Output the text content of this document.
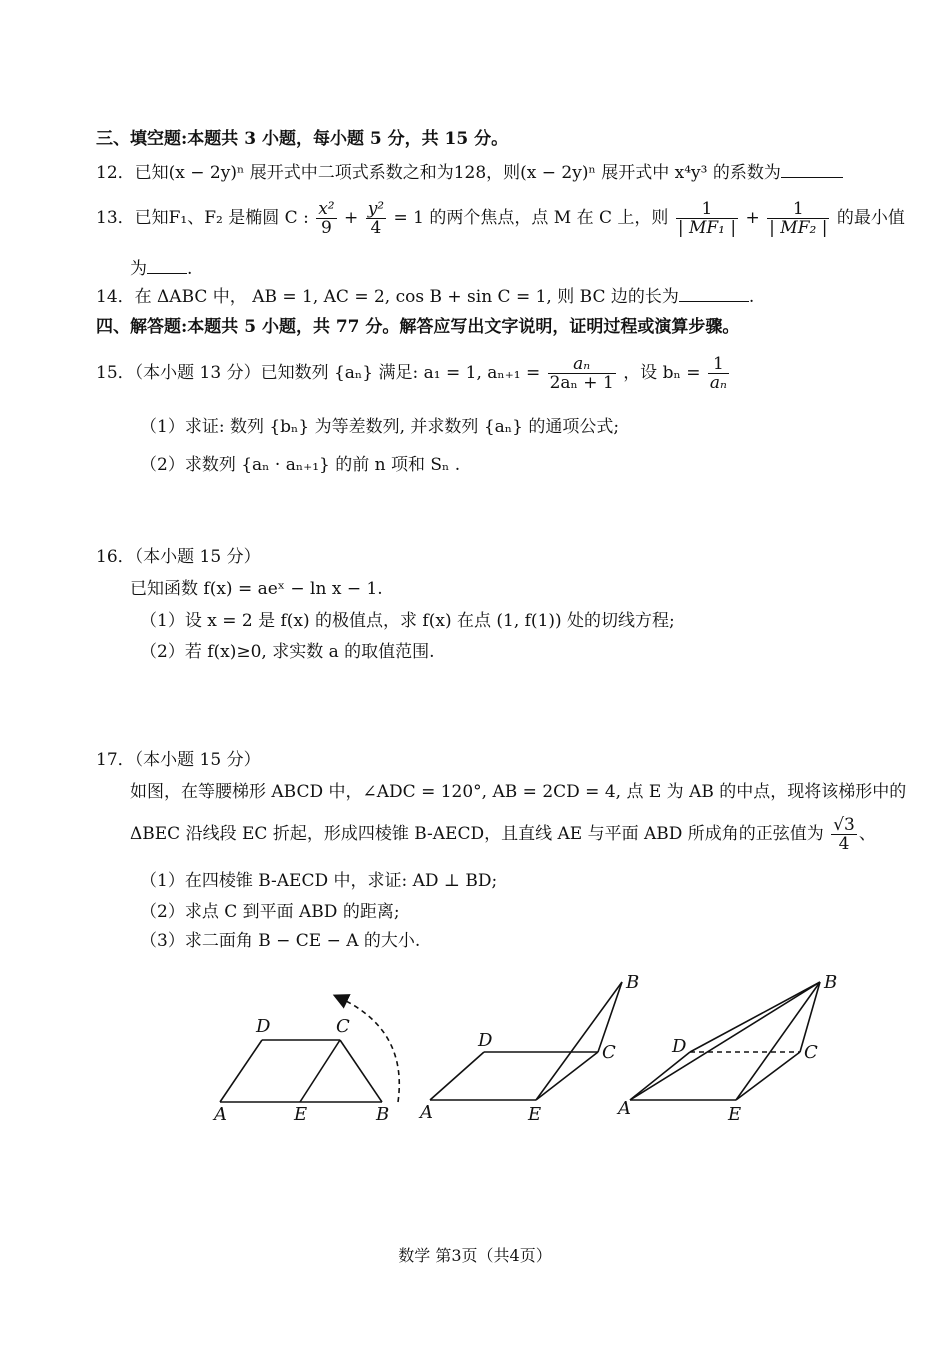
三、填空题:本题共 3 小题，每小题 5 分，共 15 分。
12．已知(x − 2y)ⁿ 展开式中二项式系数之和为128，则(x − 2y)ⁿ 展开式中 x⁴y³ 的系数为
13．已知F₁、F₂ 是椭圆 C : $\frac{\text{x²}}{9} + \frac{\text{y²}}{4} = 1$ 的两个焦点，点 M 在 C 上，则 $\frac{1}{\text{| MF₁ |}} + \frac{1}{\text{| MF₂ |}}$ 的最小值
为 .
14．在 ΔABC 中， AB = 1, AC = 2, cos B + sin C = 1, 则 BC 边的长为	.
四、解答题:本题共 5 小题，共 77 分。解答应写出文字说明，证明过程或演算步骤。
15．（本小题 13 分）已知数列 {aₙ} 满足: a₁ = 1, $a_{n+1} = \frac{\text{aₙ}}{\text{2aₙ + 1}}$ ，设 $b_n = \frac{1}{\text{aₙ}}$
（1）求证: 数列 {bₙ} 为等差数列, 并求数列 {aₙ} 的通项公式;
（2）求数列 {aₙ · aₙ₊₁} 的前 n 项和 Sₙ .
16．（本小题 15 分）
已知函数 f(x) = aeˣ − ln x − 1.
（1）设 x = 2 是 f(x) 的极值点，求 f(x) 在点 (1, f(1)) 处的切线方程;
（2）若 f(x)≥0, 求实数 a 的取值范围.
17．（本小题 15 分）
如图，在等腰梯形 ABCD 中，∠ADC = 120°, AB = 2CD = 4, 点 E 为 AB 的中点，现将该梯形中的
ΔBEC 沿线段 EC 折起，形成四棱锥 B-AECD，且直线 AE 与平面 ABD 所成角的正弦值为 $\frac{√3}{4}$ 、
（1）在四棱锥 B-AECD 中，求证: AD ⊥ BD;
（2）求点 C 到平面 ABD 的距离;
（3）求二面角 B − CE − A 的大小.
D	C
A	E	B
D
C
A	E
B
D	C
A	E
B
数学 第3页（共4页）
